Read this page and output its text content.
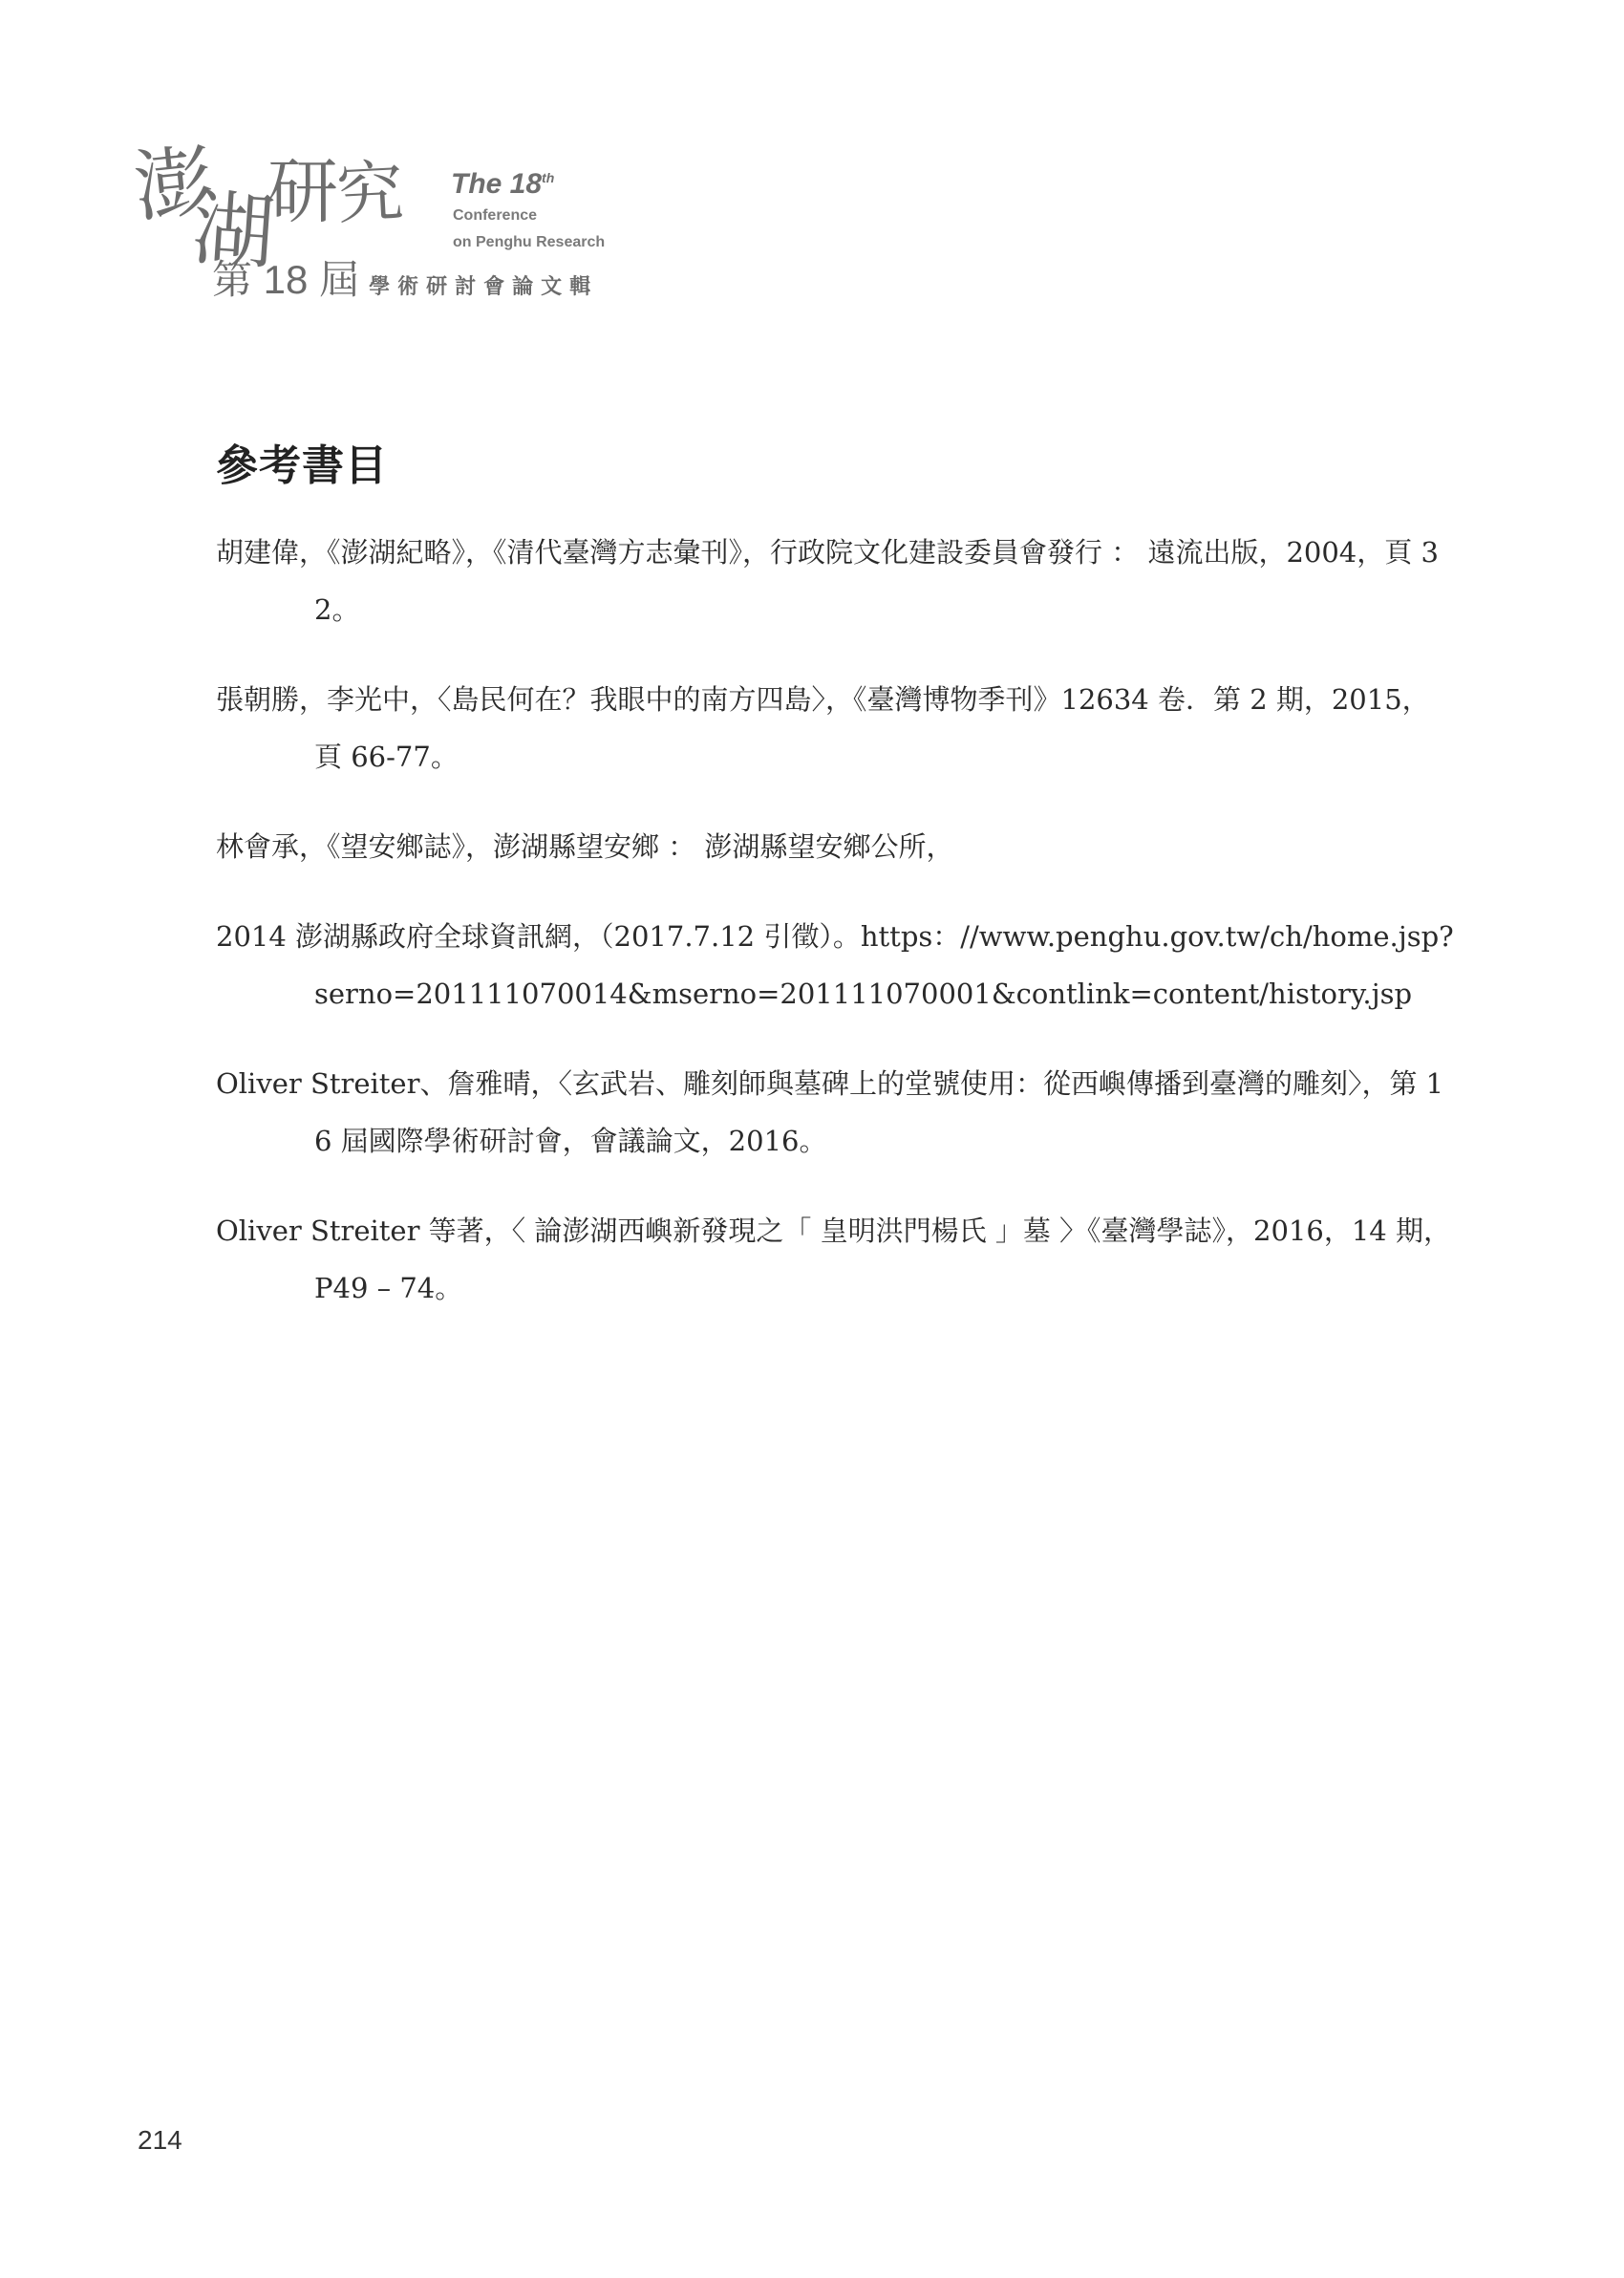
澎
湖
研
究 The 18th
Conference
on Penghu Research
第 18 屆 學術研討會論文輯
參考書目
胡建偉，《澎湖紀略》，《清代臺灣方志彙刊》，行政院文化建設委員會發行 ： 遠流出版，2004，頁 32。
張朝勝，李光中，〈島民何在？我眼中的南方四島〉，《臺灣博物季刊》12634 卷．第 2 期，2015，頁 66-77。
林會承，《望安鄉誌》，澎湖縣望安鄉 ： 澎湖縣望安鄉公所，
2014 澎湖縣政府全球資訊網，（2017.7.12 引徵）。https：//www.penghu.gov.tw/ch/home.jsp?serno=201111070014&mserno=201111070001&contlink=content/history.jsp
Oliver Streiter、詹雅晴，〈玄武岩、雕刻師與墓碑上的堂號使用：從西嶼傳播到臺灣的雕刻〉，第 16 屆國際學術研討會，會議論文，2016。
Oliver Streiter 等著，〈 論澎湖西嶼新發現之「 皇明洪門楊氏 」墓 〉《臺灣學誌》，2016，14 期， P49 – 74。
214
